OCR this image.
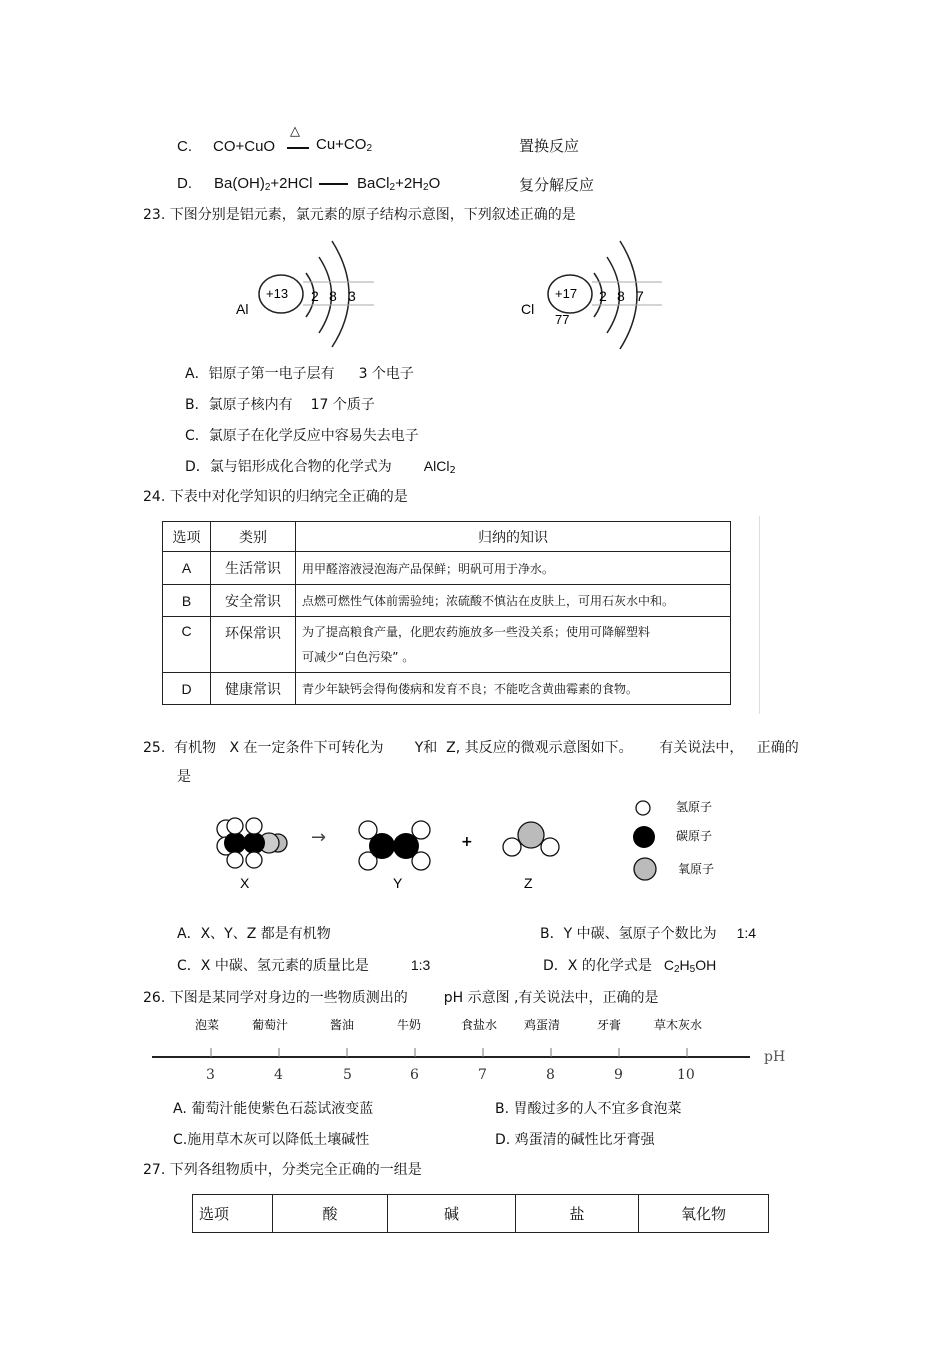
C. CO+CuO
△
$Cu+CO_2$	置换反应
D. $Ba(OH)_2+2HCl$	$BaCl_2+2H_2O$	复分解反应
23. 下图分别是铝元素，氯元素的原子结构示意图，下列叙述正确的是
Al
+13 2 8 3
Cl
+17
77
2 8 7
A．铝原子第一电子层有 3 个电子
B．氯原子核内有 17 个质子
C．氯原子在化学反应中容易失去电子
D．氯与铝形成化合物的化学式为 AlCl$_2$
24. 下表中对化学知识的归纳完全正确的是
选项	类别	归纳的知识
A	生活常识	用甲醛溶液浸泡海产品保鲜；明矾可用于净水。
B	安全常识	点燃可燃性气体前需验纯；浓硫酸不慎沾在皮肤上，可用石灰水中和。
C	环保常识	为了提高粮食产量，化肥农药施放多一些没关系；使用可降解塑料
可减少“白色污染” 。

D	健康常识	青少年缺钙会得佝偻病和发育不良；不能吃含黄曲霉素的食物。
25.  有机物   X 在一定条件下可转化为       Y和  Z, 其反应的微观示意图如下。      有关说法中，   正确的
是
→	+
X	Y	Z
氢原子
碳原子
氧原子
A．X、Y、Z 都是有机物	B．Y 中碳、氢原子个数比为 1:4
C．X 中碳、氢元素的质量比是	1:3	D．X 的化学式是 $C_2H_5OH$
26. 下图是某同学对身边的一些物质测出的	pH 示意图 ,有关说法中，正确的是
泡菜	葡萄汁	酱油	牛奶	食盐水 鸡蛋清	牙膏	草木灰水
3	4	5	6	7	8	9	10
pH
A. 葡萄汁能使紫色石蕊试液变蓝	B. 胃酸过多的人不宜多食泡菜
C.施用草木灰可以降低土壤碱性	D. 鸡蛋清的碱性比牙膏强
27. 下列各组物质中，分类完全正确的一组是
选项	酸	碱	盐	氧化物
